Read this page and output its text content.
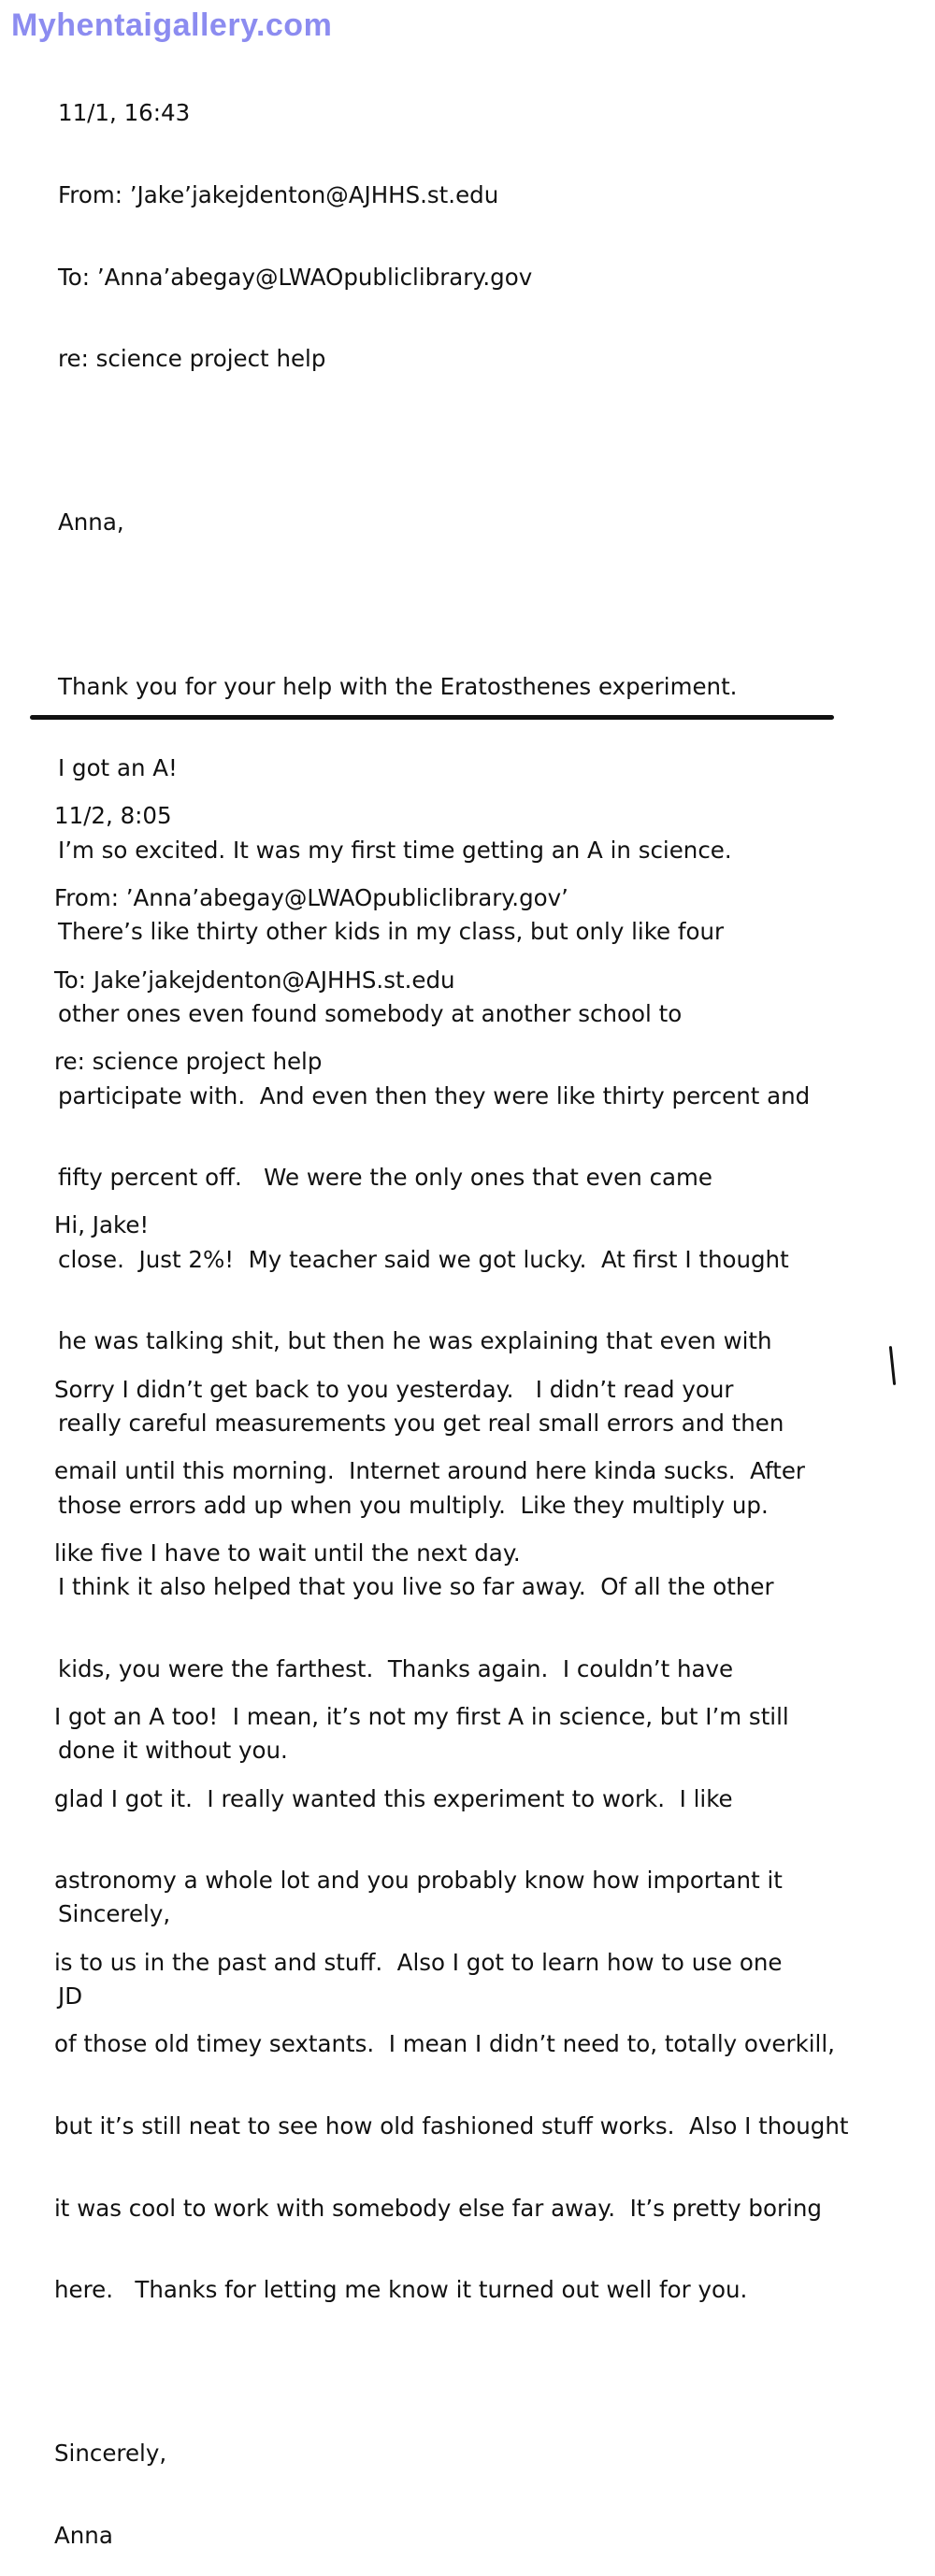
Myhentaigallery.com

11/1, 16:43

From: ’Jake’jakejdenton@AJHHS.st.edu

To: ’Anna’abegay@LWAOpubliclibrary.gov

re: science project help

Anna,

Thank you for your help with the Eratosthenes experiment.

I got an A!

I’m so excited. It was my first time getting an A in science.

There’s like thirty other kids in my class, but only like four

other ones even found somebody at another school to

participate with.  And even then they were like thirty percent and

fifty percent off.   We were the only ones that even came

close.  Just 2%!  My teacher said we got lucky.  At first I thought

he was talking shit, but then he was explaining that even with

really careful measurements you get real small errors and then

those errors add up when you multiply.  Like they multiply up.

I think it also helped that you live so far away.  Of all the other

kids, you were the farthest.  Thanks again.  I couldn’t have

done it without you.

Sincerely,

JD

11/2, 8:05

From: ’Anna’abegay@LWAOpubliclibrary.gov’

To: Jake’jakejdenton@AJHHS.st.edu

re: science project help

Hi, Jake!

Sorry I didn’t get back to you yesterday.   I didn’t read your

email until this morning.  Internet around here kinda sucks.  After

like five I have to wait until the next day.

I got an A too!  I mean, it’s not my first A in science, but I’m still

glad I got it.  I really wanted this experiment to work.  I like

astronomy a whole lot and you probably know how important it

is to us in the past and stuff.  Also I got to learn how to use one

of those old timey sextants.  I mean I didn’t need to, totally overkill,

but it’s still neat to see how old fashioned stuff works.  Also I thought

it was cool to work with somebody else far away.  It’s pretty boring

here.   Thanks for letting me know it turned out well for you.

Sincerely,

Anna
